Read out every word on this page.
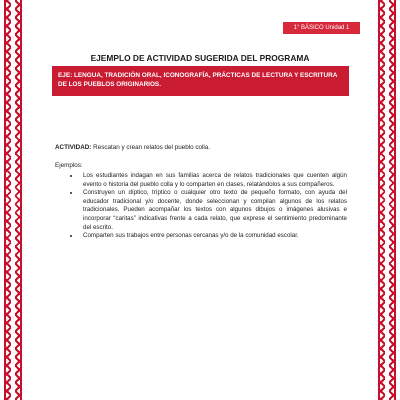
1° BÁSICO Unidad 1
EJEMPLO DE ACTIVIDAD SUGERIDA DEL PROGRAMA
EJE: LENGUA, TRADICIÓN ORAL, ICONOGRAFÍA, PRÁCTICAS DE LECTURA Y ESCRITURA DE LOS PUEBLOS ORIGINARIOS.
ACTIVIDAD: Rescatan y crean relatos del pueblo colla.
Ejemplos:
• Los estudiantes indagan en sus familias acerca de relatos tradicionales que cuenten algún evento o historia del pueblo colla y lo comparten en clases, relatándolos a sus compañeros.
• Construyen un díptico, tríptico o cualquier otro texto de pequeño formato, con ayuda del educador tradicional y/o docente, donde seleccionan y compilan algunos de los relatos tradicionales. Pueden acompañar los textos con algunos dibujos o imágenes alusivas e incorporar “caritas” indicativas frente a cada relato, que exprese el sentimiento predominante del escrito.
• Comparten sus trabajos entre personas cercanas y/o de la comunidad escolar.
